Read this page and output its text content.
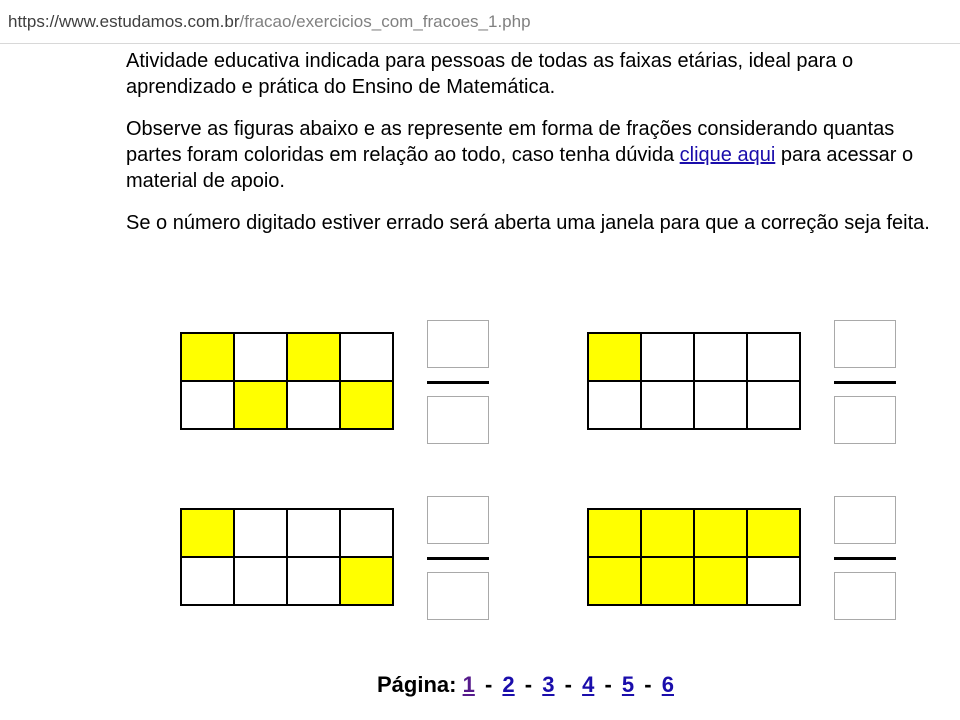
https://www.estudamos.com.br/fracao/exercicios_com_fracoes_1.php

Atividade educativa indicada para pessoas de todas as faixas etárias, ideal para o aprendizado e prática do Ensino de Matemática.

Observe as figuras abaixo e as represente em forma de frações considerando quantas partes foram coloridas em relação ao todo, caso tenha dúvida clique aqui para acessar o material de apoio.

Se o número digitado estiver errado será aberta uma janela para que a correção seja feita.

Página: 1 - 2 - 3 - 4 - 5 - 6
